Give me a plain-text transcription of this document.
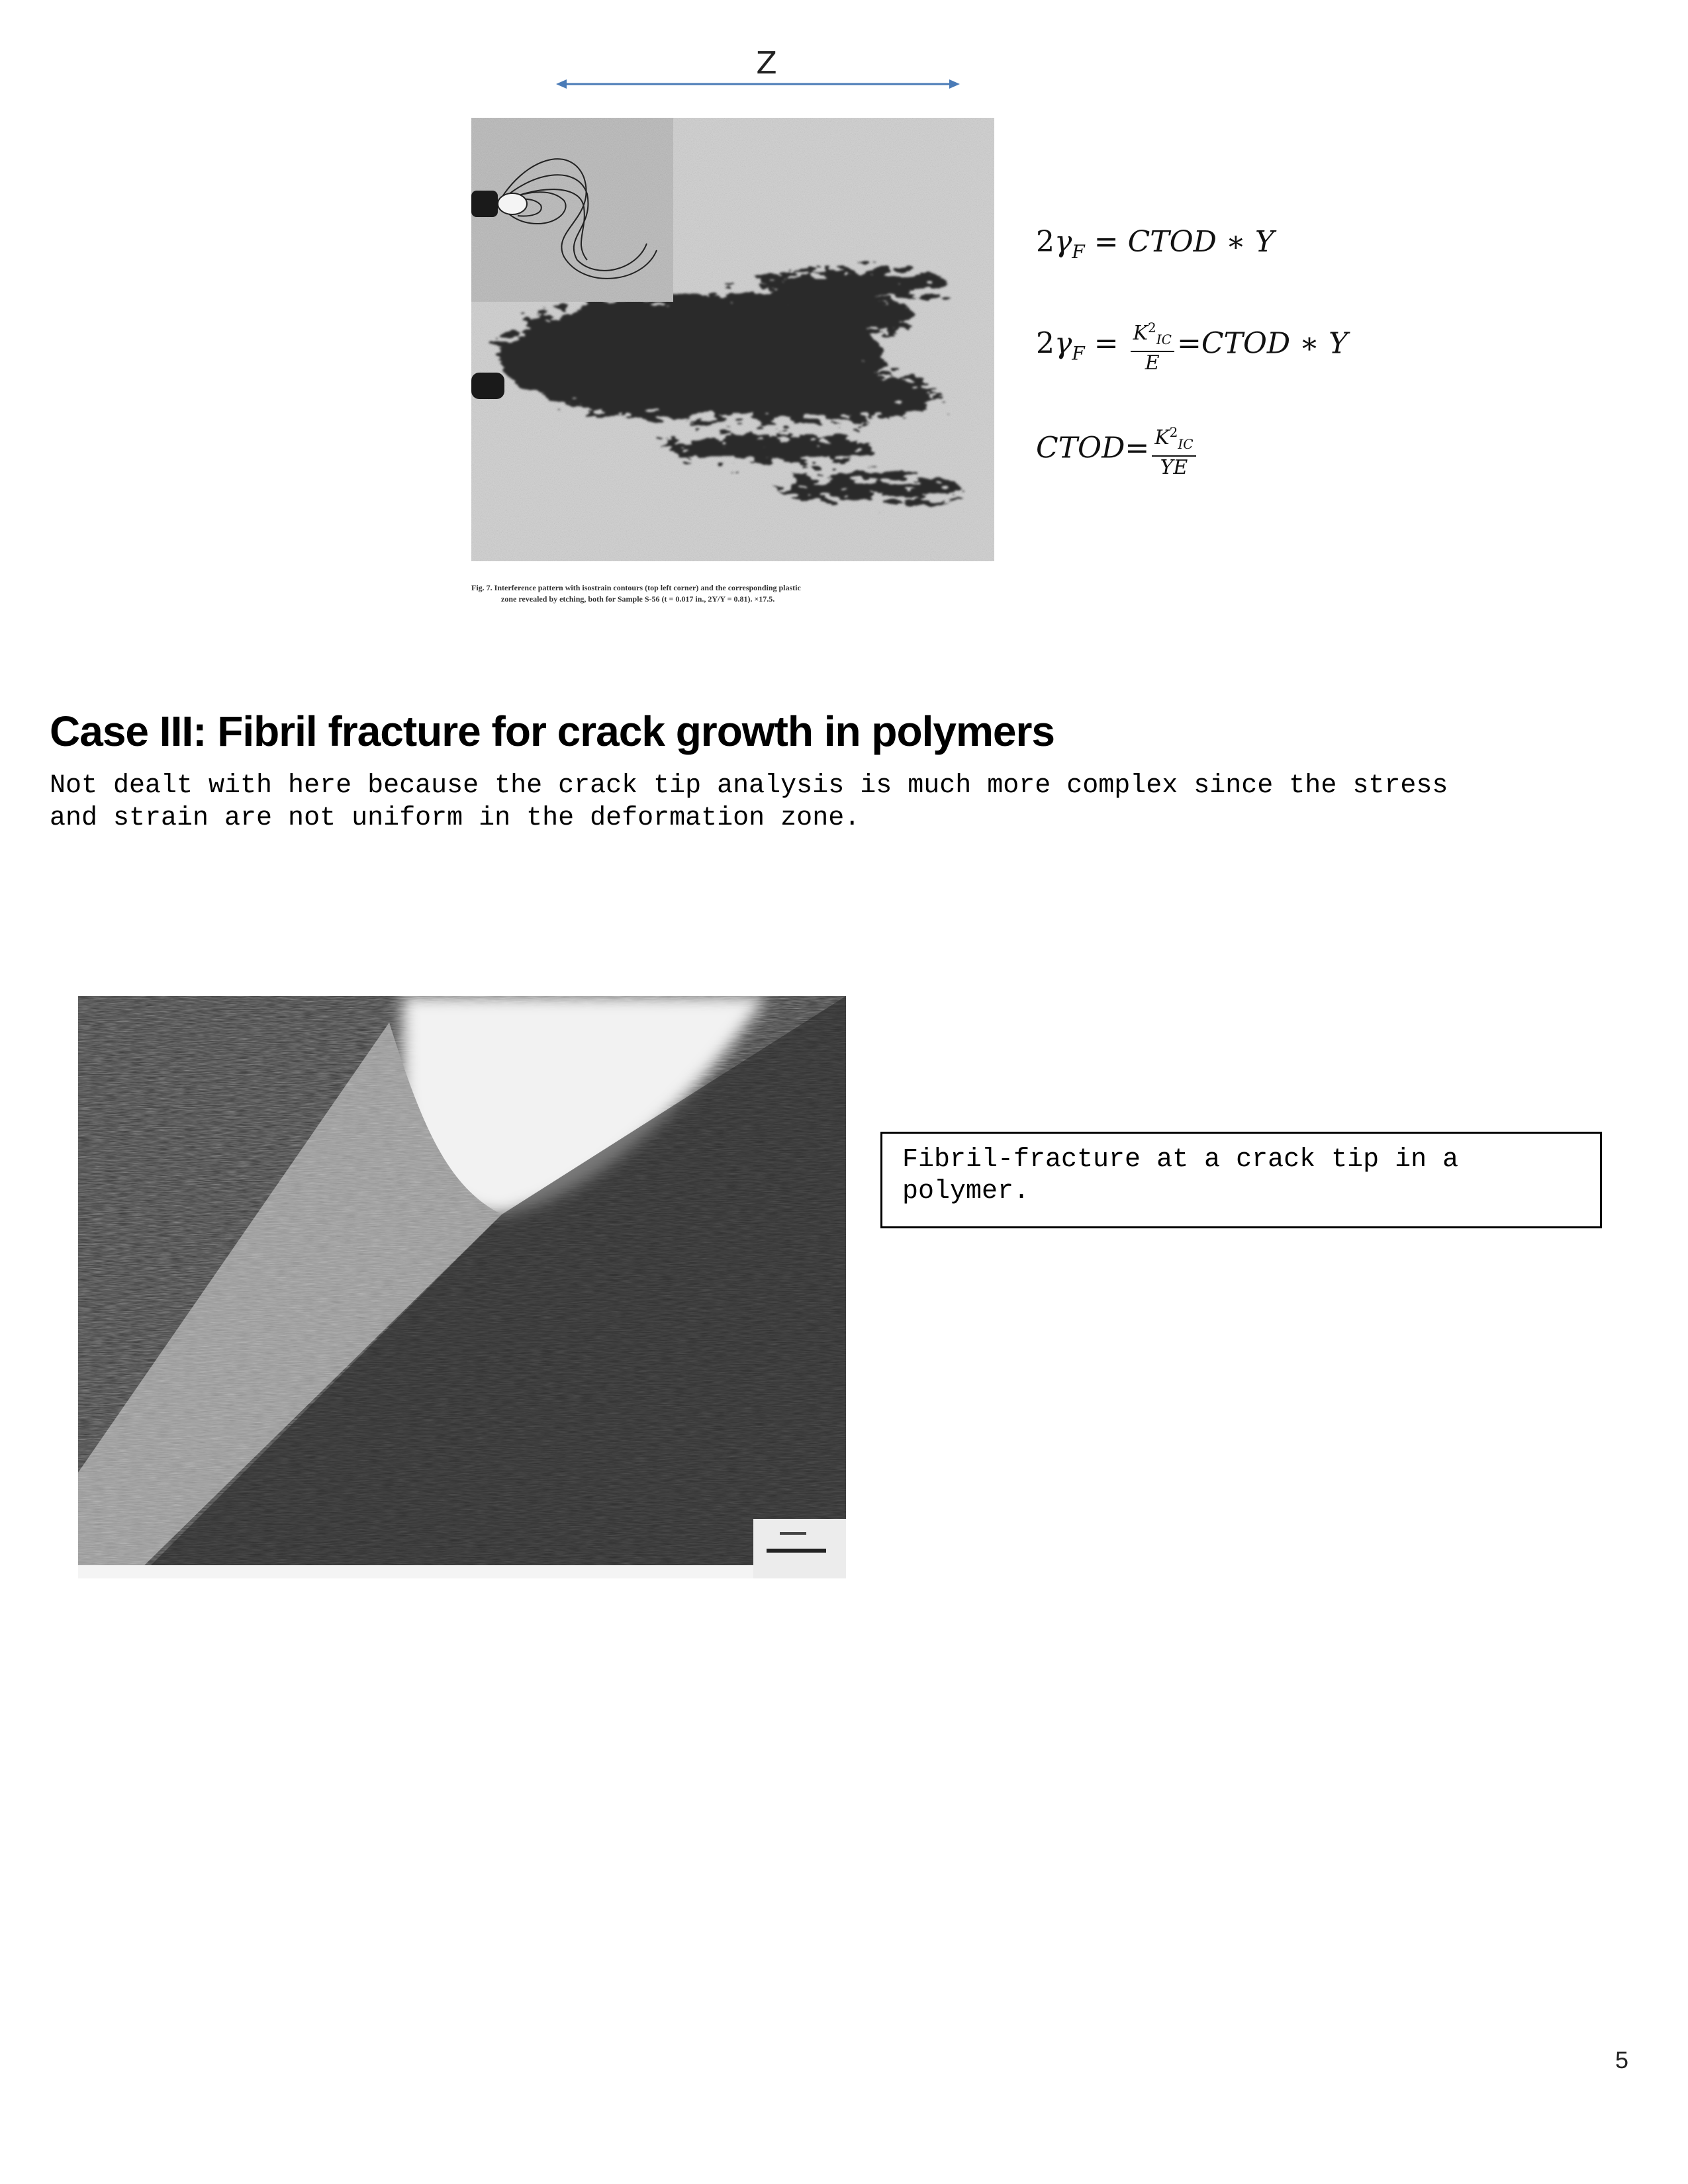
Z
Fig. 7. Interference pattern with isostrain contours (top left corner) and the corresponding plastic
zone revealed by etching, both for Sample S-56 (t = 0.017 in., 2Y/Y = 0.81). ×17.5.
$2\gamma_F$ = CTOD ∗ Y
$2\gamma_F = \frac{K^2_{IC}}{E}$ =CTOD ∗ Y
CTOD= $\frac{K^2_{IC}}{YE}$
Case III: Fibril fracture for crack growth in polymers
Not dealt with here because the crack tip analysis is much more complex since the stress
and strain are not uniform in the deformation zone.
Fibril-fracture at a crack tip in a
polymer.
5
